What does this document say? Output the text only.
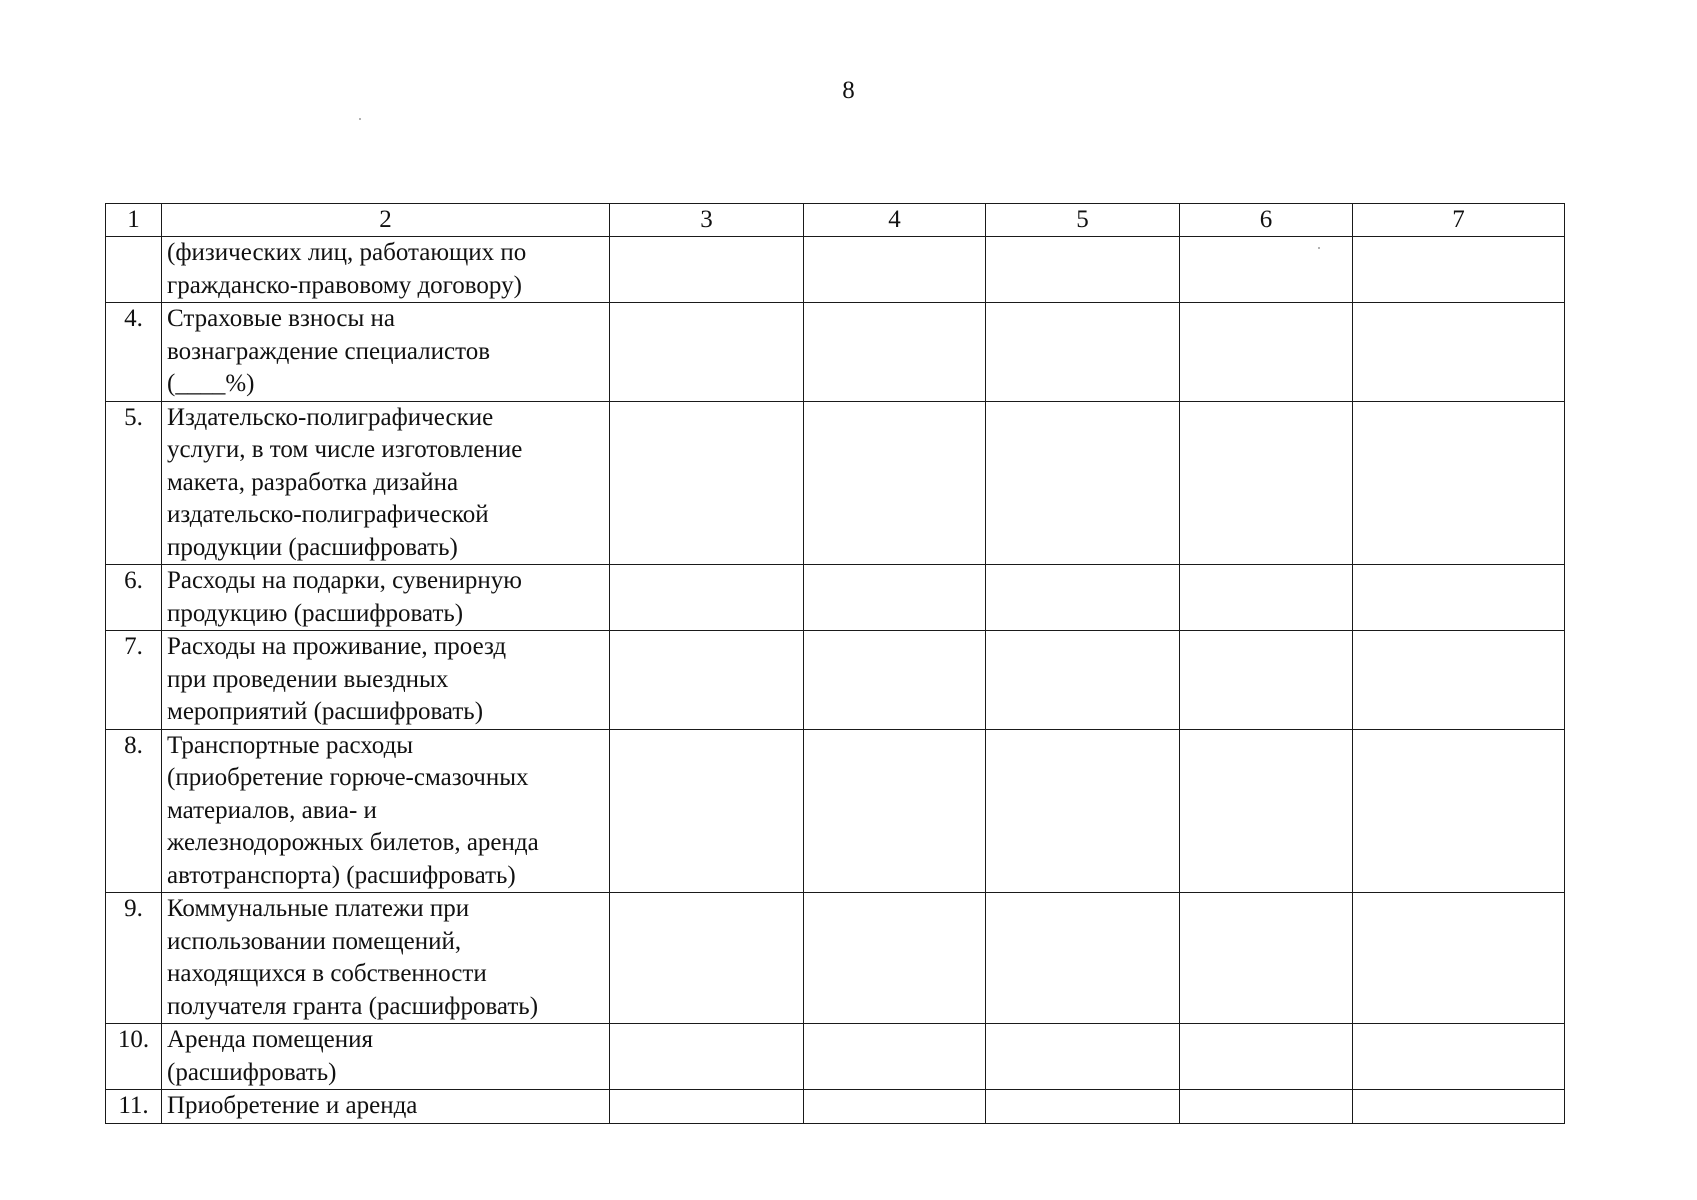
8
1	2	3	4	5	6	7
	(физических лиц, работающих по
гражданско-правовому договору)					
4.	Страховые взносы на
вознаграждение специалистов
(____%)					
5.	Издательско-полиграфические
услуги, в том числе изготовление
макета, разработка дизайна
издательско-полиграфической
продукции (расшифровать)					
6.	Расходы на подарки, сувенирную
продукцию (расшифровать)					
7.	Расходы на проживание, проезд
при проведении выездных
мероприятий (расшифровать)					
8.	Транспортные расходы
(приобретение горюче-смазочных
материалов, авиа- и
железнодорожных билетов, аренда
автотранспорта) (расшифровать)					
9.	Коммунальные платежи при
использовании помещений,
находящихся в собственности
получателя гранта (расшифровать)					
10.	Аренда помещения
(расшифровать)					
11.	Приобретение и аренда					
